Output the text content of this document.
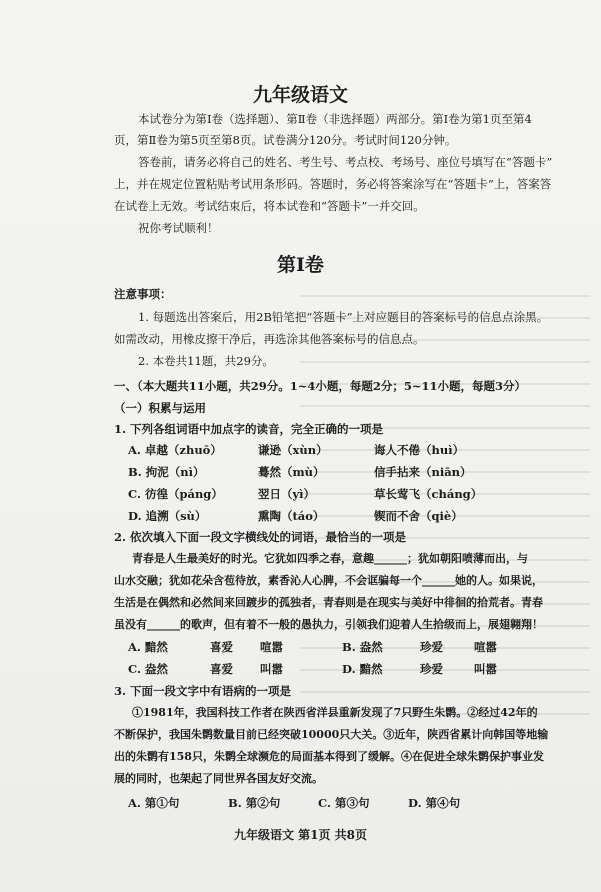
九年级语文
本试卷分为第Ⅰ卷（选择题）、第Ⅱ卷（非选择题）两部分。第Ⅰ卷为第1页至第4
页，第Ⅱ卷为第5页至第8页。试卷满分120分。考试时间120分钟。
答卷前，请务必将自己的姓名、考生号、考点校、考场号、座位号填写在“答题卡”
上，并在规定位置粘贴考试用条形码。答题时，务必将答案涂写在“答题卡”上，答案答
在试卷上无效。考试结束后，将本试卷和“答题卡”一并交回。
祝你考试顺利！
第Ⅰ卷
注意事项：
1. 每题选出答案后，用2B铅笔把“答题卡”上对应题目的答案标号的信息点涂黑。
如需改动，用橡皮擦干净后，再选涂其他答案标号的信息点。
2. 本卷共11题，共29分。
一、（本大题共11小题，共29分。1~4小题，每题2分；5~11小题，每题3分）
（一）积累与运用
1. 下列各组词语中加点字的读音，完全正确的一项是
A. 卓越（zhuō）	谦逊（xùn）	诲人不倦（huì）
B. 拘泥（nì）	蓦然（mù）	信手拈来（niān）
C. 彷徨（páng）	翌日（yì）	草长莺飞（cháng）
D. 追溯（sù）	熏陶（táo）	锲而不舍（qiè）
2. 依次填入下面一段文字横线处的词语，最恰当的一项是
青春是人生最美好的时光。它犹如四季之春，意趣______；犹如朝阳喷薄而出，与
山水交融；犹如花朵含苞待放，素香沁人心脾，不会诓骗每一个______她的人。如果说，
生活是在偶然和必然间来回踱步的孤独者，青春则是在现实与美好中徘徊的拾荒者。青春
虽没有______的歌声，但有着不一般的愚执力，引领我们迎着人生拾级而上，展翅翱翔！
A. 黯然	喜爱 喧嚣	B. 盎然	珍爱	喧嚣
C. 盎然	喜爱 叫嚣	D. 黯然	珍爱	叫嚣
3. 下面一段文字中有语病的一项是
①1981年，我国科技工作者在陕西省洋县重新发现了7只野生朱鹮。②经过42年的
不断保护，我国朱鹮数量目前已经突破10000只大关。③近年，陕西省累计向韩国等地输
出的朱鹮有158只，朱鹮全球濒危的局面基本得到了缓解。④在促进全球朱鹮保护事业发
展的同时，也架起了同世界各国友好交流。
A. 第①句	B. 第②句	C. 第③句	D. 第④句
九年级语文 第1页 共8页
